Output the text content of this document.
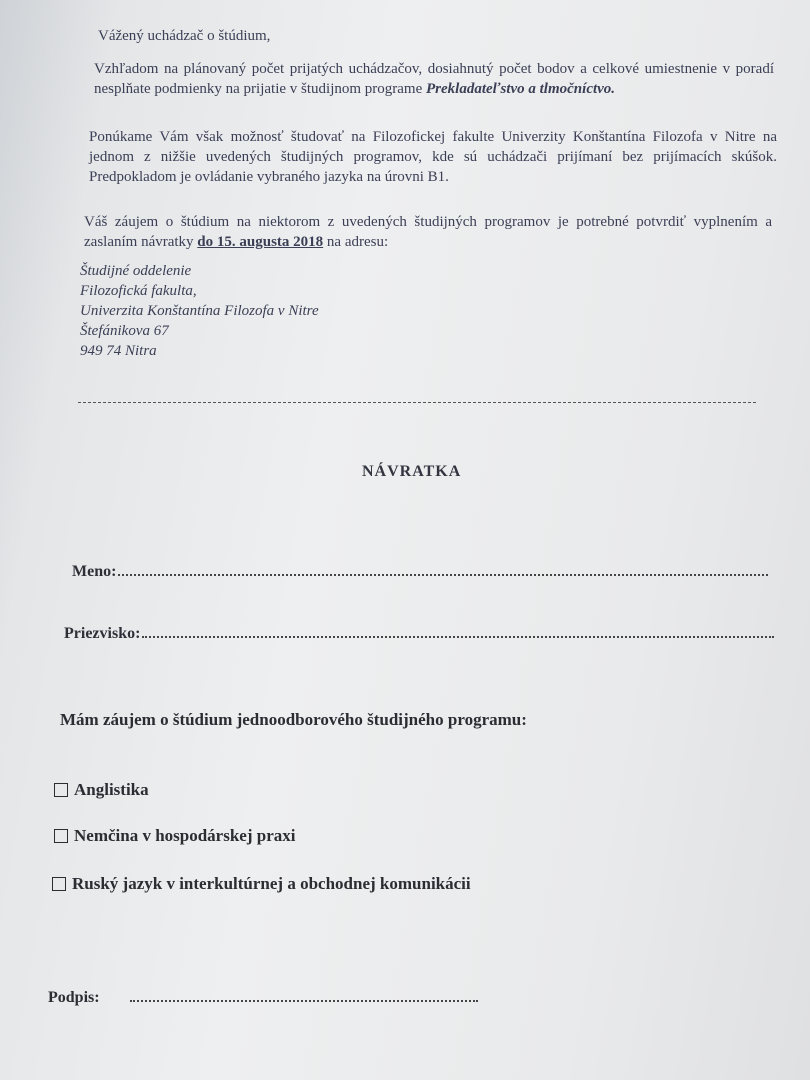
Vážený uchádzač o štúdium,

Vzhľadom na plánovaný počet prijatých uchádzačov, dosiahnutý počet bodov a celkové umiestnenie v poradí nesplňate podmienky na prijatie v študijnom programe Prekladateľstvo a tlmočníctvo.

Ponúkame Vám však možnosť študovať na Filozofickej fakulte Univerzity Konštantína Filozofa v Nitre na jednom z nižšie uvedených študijných programov, kde sú uchádzači prijímaní bez prijímacích skúšok. Predpokladom je ovládanie vybraného jazyka na úrovni B1.

Váš záujem o štúdium na niektorom z uvedených študijných programov je potrebné potvrdiť vyplnením a zaslaním návratky do 15. augusta 2018 na adresu:

Študijné oddelenie
Filozofická fakulta,
Univerzita Konštantína Filozofa v Nitre
Štefánikova 67
949 74 Nitra
NÁVRATKA
Meno:
Priezvisko:
Mám záujem o štúdium jednoodborového študijného programu:
Anglistika
Nemčina v hospodárskej praxi
Ruský jazyk v interkultúrnej a obchodnej komunikácii
Podpis:
